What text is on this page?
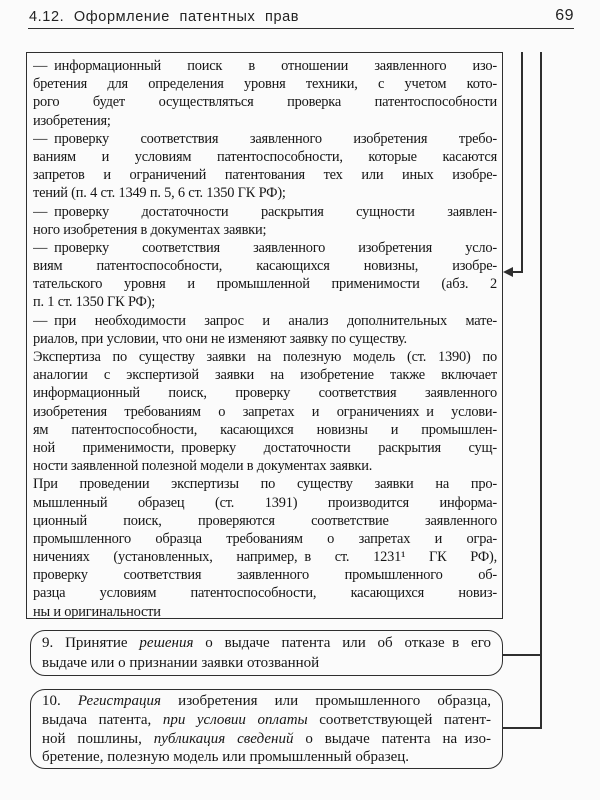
4.12. Оформление патентных прав	69
— информационный поиск в отношении заявленного изо-
бретения для определения уровня техники, с учетом кото-
рого будет осуществляться проверка патентоспособности
изобретения;
— проверку соответствия заявленного изобретения требо-
ваниям и условиям патентоспособности, которые касаются
запретов и ограничений патентования тех или иных изобре-
тений (п. 4 ст. 1349 п. 5, 6 ст. 1350 ГК РФ);
— проверку достаточности раскрытия сущности заявлен-
ного изобретения в документах заявки;
— проверку соответствия заявленного изобретения усло-
виям патентоспособности, касающихся новизны, изобре-
тательского уровня и промышленной применимости (абз. 2
п. 1 ст. 1350 ГК РФ);
— при необходимости запрос и анализ дополнительных мате-
риалов, при условии, что они не изменяют заявку по существу.
Экспертиза по существу заявки на полезную модель (ст. 1390) по
аналогии с экспертизой заявки на изобретение также включает
информационный поиск, проверку соответствия заявленного
изобретения требованиям о запретах и ограничениях и услови-
ям патентоспособности, касающихся новизны и промышлен-
ной применимости, проверку достаточности раскрытия сущ-
ности заявленной полезной модели в документах заявки.
При проведении экспертизы по существу заявки на про-
мышленный образец (ст. 1391) производится информа-
ционный поиск, проверяются соответствие заявленного
промышленного образца требованиям о запретах и огра-
ничениях (установленных, например, в ст. 1231¹ ГК РФ),
проверку соответствия заявленного промышленного об-
разца условиям патентоспособности, касающихся новиз-
ны и оригинальности
9. Принятие решения о выдаче патента или об отказе в его
выдаче или о признании заявки отозванной
10. Регистрация изобретения или промышленного образца,
выдача патента, при условии оплаты соответствующей патент-
ной пошлины, публикация сведений о выдаче патента на изо-
бретение, полезную модель или промышленный образец.
